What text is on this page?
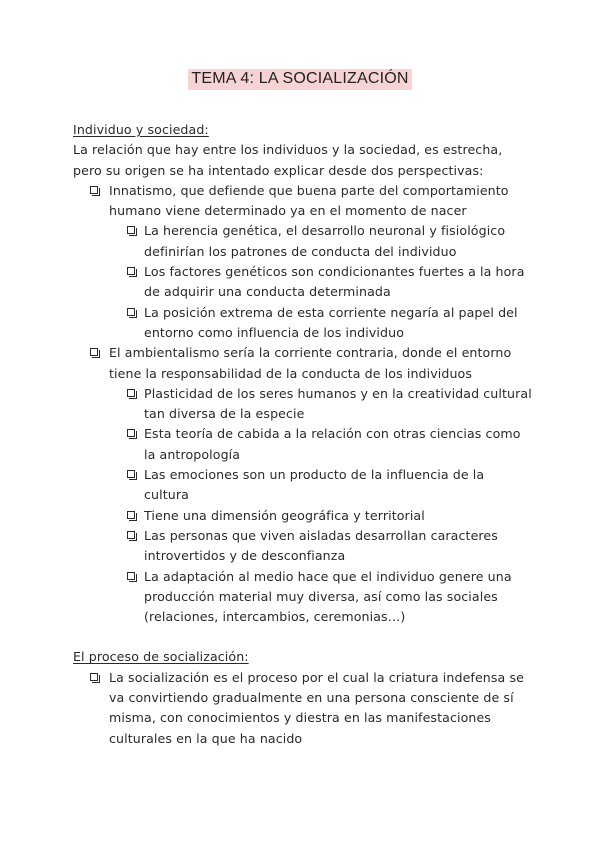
TEMA 4: LA SOCIALIZACIÓN
Individuo y sociedad:
La relación que hay entre los individuos y la sociedad, es estrecha, pero su origen se ha intentado explicar desde dos perspectivas:
Innatismo, que defiende que buena parte del comportamiento humano viene determinado ya en el momento de nacer
La herencia genética, el desarrollo neuronal y fisiológico definirían los patrones de conducta del individuo
Los factores genéticos son condicionantes fuertes a la hora de adquirir una conducta determinada
La posición extrema de esta corriente negaría al papel del entorno como influencia de los individuo
El ambientalismo sería la corriente contraria, donde el entorno tiene la responsabilidad de la conducta de los individuos
Plasticidad de los seres humanos y en la creatividad cultural tan diversa de la especie
Esta teoría de cabida a la relación con otras ciencias como la antropología
Las emociones son un producto de la influencia de la cultura
Tiene una dimensión geográfica y territorial
Las personas que viven aisladas desarrollan caracteres introvertidos y de desconfianza
La adaptación al medio hace que el individuo genere una producción material muy diversa, así como las sociales (relaciones, intercambios, ceremonias…)
El proceso de socialización:
La socialización es el proceso por el cual la criatura indefensa se va convirtiendo gradualmente en una persona consciente de sí misma, con conocimientos y diestra en las manifestaciones culturales en la que ha nacido
